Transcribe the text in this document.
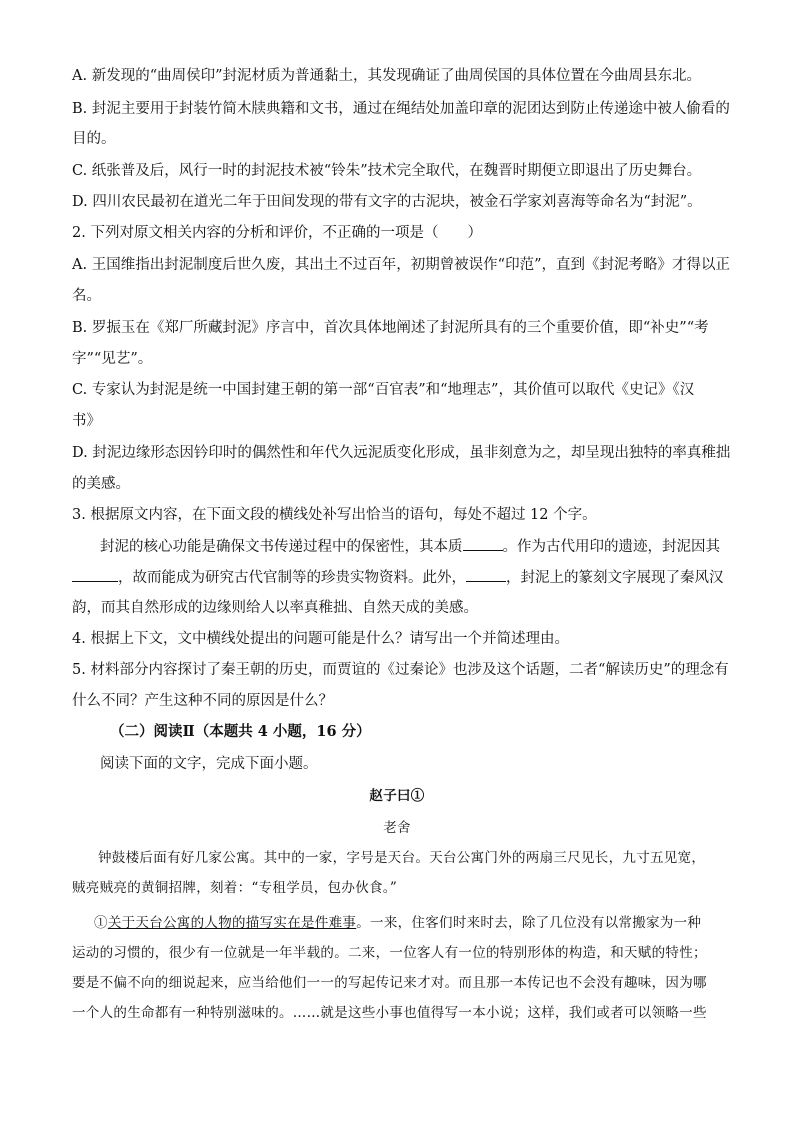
A. 新发现的“曲周侯印”封泥材质为普通黏土，其发现确证了曲周侯国的具体位置在今曲周县东北。
B. 封泥主要用于封装竹简木牍典籍和文书，通过在绳结处加盖印章的泥团达到防止传递途中被人偷看的
目的。
C. 纸张普及后，风行一时的封泥技术被“铃朱”技术完全取代，在魏晋时期便立即退出了历史舞台。
D. 四川农民最初在道光二年于田间发现的带有文字的古泥块，被金石学家刘喜海等命名为“封泥”。
2. 下列对原文相关内容的分析和评价，不正确的一项是（　　）
A. 王国维指出封泥制度后世久废，其出土不过百年，初期曾被误作“印范”，直到《封泥考略》才得以正
名。
B. 罗振玉在《郑厂所藏封泥》序言中，首次具体地阐述了封泥所具有的三个重要价值，即“补史”“考
字”“见艺”。
C. 专家认为封泥是统一中国封建王朝的第一部“百官表”和“地理志”，其价值可以取代《史记》《汉
书》
D. 封泥边缘形态因钤印时的偶然性和年代久远泥质变化形成，虽非刻意为之，却呈现出独特的率真稚拙
的美感。
3. 根据原文内容，在下面文段的横线处补写出恰当的语句，每处不超过 12 个字。
封泥的核心功能是确保文书传递过程中的保密性，其本质	。作为古代用印的遗迹，封泥因其
，故而能成为研究古代官制等的珍贵实物资料。此外，	，封泥上的篆刻文字展现了秦风汉
韵，而其自然形成的边缘则给人以率真稚拙、自然天成的美感。
4. 根据上下文，文中横线处提出的问题可能是什么？请写出一个并简述理由。
5. 材料部分内容探讨了秦王朝的历史，而贾谊的《过秦论》也涉及这个话题，二者“解读历史”的理念有
什么不同？产生这种不同的原因是什么？
（二）阅读Ⅱ（本题共 4 小题，16 分）
阅读下面的文字，完成下面小题。
赵子曰①
老舍
钟鼓楼后面有好几家公寓。其中的一家，字号是天台。天台公寓门外的两扇三尺见长，九寸五见宽，
贼亮贼亮的黄铜招牌，刻着：“专租学员，包办伙食。”
①关于天台公寓的人物的描写实在是件难事。一来，住客们时来时去，除了几位没有以常搬家为一种
运动的习惯的，很少有一位就是一年半载的。二来，一位客人有一位的特别形体的构造，和天赋的特性；
要是不偏不向的细说起来，应当给他们一一的写起传记来才对。而且那一本传记也不会没有趣味，因为哪
一个人的生命都有一种特别滋味的。……就是这些小事也值得写一本小说；这样，我们或者可以领略一些
